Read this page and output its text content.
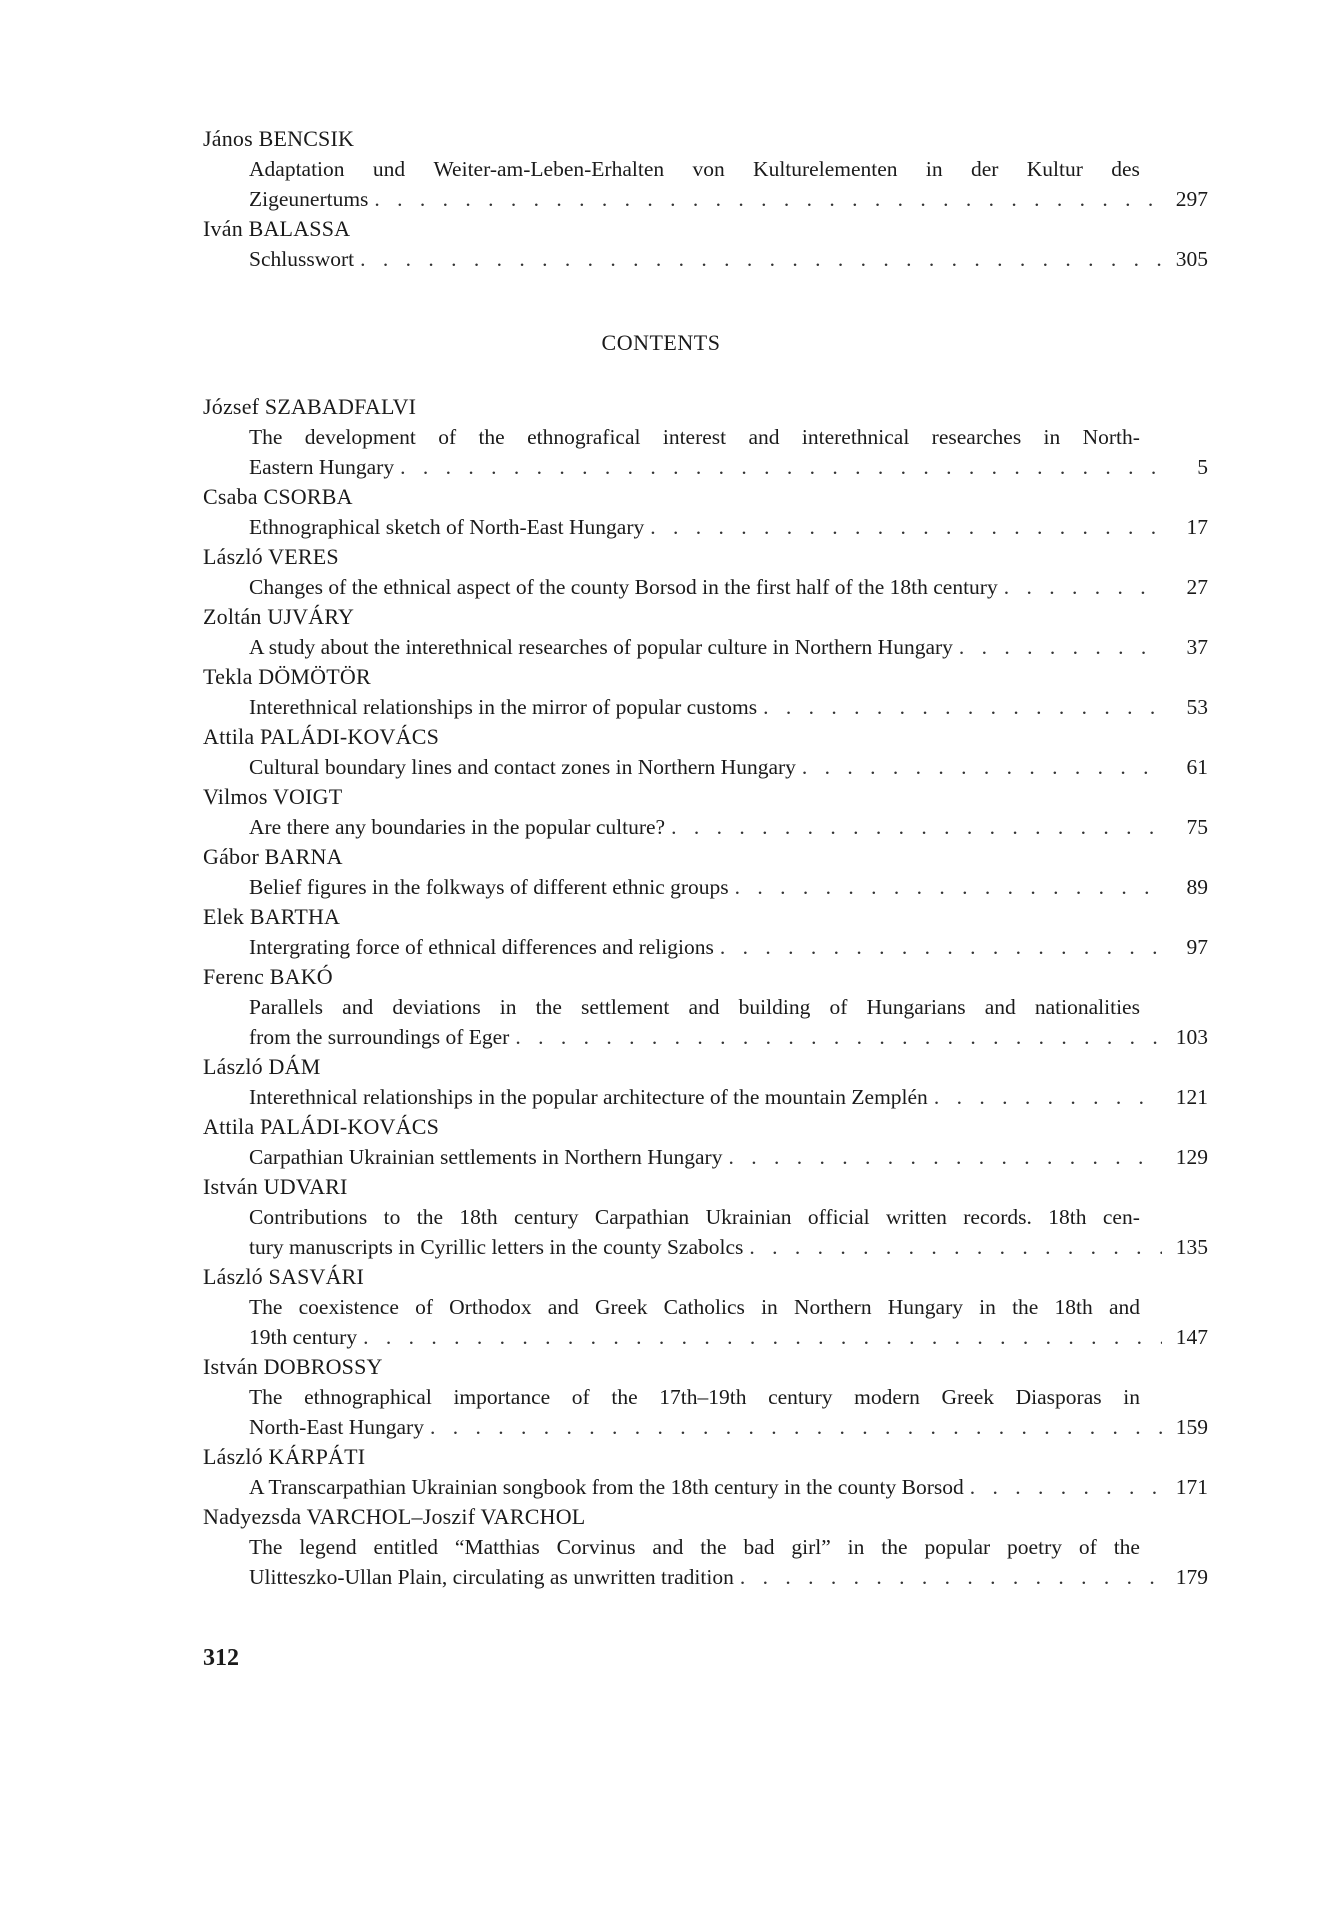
János BENCSIK
Adaptation und Weiter-am-Leben-Erhalten von Kulturelementen in der Kultur des
Zigeunertums . . .	297
Iván BALASSA
Schlusswort . . .	305
CONTENTS
József SZABADFALVI
The development of the ethnografical interest and interethnical researches in North-
Eastern Hungary . . .	5
Csaba CSORBA
Ethnographical sketch of North-East Hungary . . .	17
László VERES
Changes of the ethnical aspect of the county Borsod in the first half of the 18th century . . .	27
Zoltán UJVÁRY
A study about the interethnical researches of popular culture in Northern Hungary . . .	37
Tekla DÖMÖTÖR
Interethnical relationships in the mirror of popular customs . . .	53
Attila PALÁDI-KOVÁCS
Cultural boundary lines and contact zones in Northern Hungary . . .	61
Vilmos VOIGT
Are there any boundaries in the popular culture? . . .	75
Gábor BARNA
Belief figures in the folkways of different ethnic groups . . .	89
Elek BARTHA
Intergrating force of ethnical differences and religions . . .	97
Ferenc BAKÓ
Parallels and deviations in the settlement and building of Hungarians and nationalities
from the surroundings of Eger . . .	103
László DÁM
Interethnical relationships in the popular architecture of the mountain Zemplén . . .	121
Attila PALÁDI-KOVÁCS
Carpathian Ukrainian settlements in Northern Hungary . . .	129
István UDVARI
Contributions to the 18th century Carpathian Ukrainian official written records. 18th cen-
tury manuscripts in Cyrillic letters in the county Szabolcs . . .	135
László SASVÁRI
The coexistence of Orthodox and Greek Catholics in Northern Hungary in the 18th and
19th century . . .	147
István DOBROSSY
The ethnographical importance of the 17th–19th century modern Greek Diasporas in
North-East Hungary . . .	159
László KÁRPÁTI
A Transcarpathian Ukrainian songbook from the 18th century in the county Borsod . . .	171
Nadyezsda VARCHOL–Joszif VARCHOL
The legend entitled “Matthias Corvinus and the bad girl” in the popular poetry of the
Ulitteszko-Ullan Plain, circulating as unwritten tradition . . .	179
312
